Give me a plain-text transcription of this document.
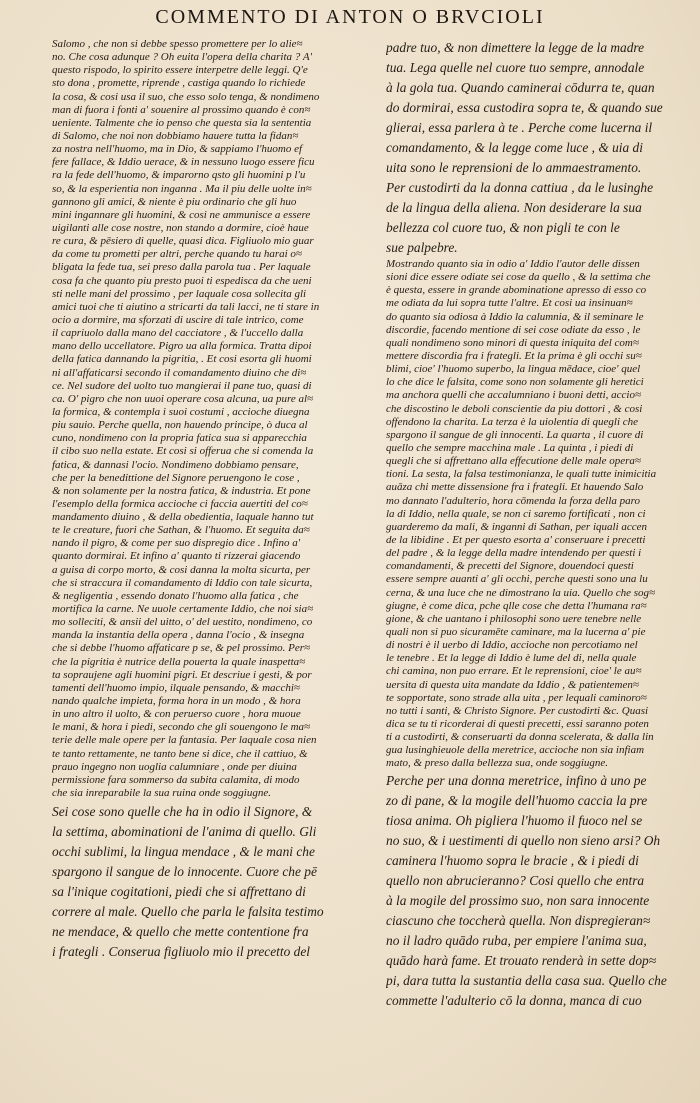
COMMENTO DI ANTON O BRVCIOLI
Salomo , che non si debbe spesso promettere per lo alie≈
no. Che cosa adunque ? Oh euita l'opera della charita ? A'
questo rispodo, lo spirito essere interpetre delle leggi. Q'e
sto dona , promette, riprende , castiga quando lo richiede
la cosa, & cosi usa il suo, che esso solo tenga, & nondimeno
man di fuora i fonti a' souenire al prossimo quando è con≈
ueniente. Talmente che io penso che questa sia la sententia
di Salomo, che noi non dobbiamo hauere tutta la fidan≈
za nostra nell'huomo, ma in Dio, & sappiamo l'huomo ef
fere fallace, & Iddio uerace, & in nessuno luogo essere ficu
ra la fede dell'huomo, & imparorno qsto gli huomini p l'u
so, & la esperientia non inganna . Ma il piu delle uolte in≈
gannono gli amici, & niente è piu ordinario che gli huo
mini ingannare gli huomini, & cosi ne ammunisce a essere
uigilanti alle cose nostre, non stando a dormire, cioè haue
re cura, & pēsiero di quelle, quasi dica. Figliuolo mio guar
da come tu prometti per altri, perche quando tu harai o≈
bligata la fede tua, sei preso dalla parola tua . Per laquale
cosa fa che quanto piu presto puoi ti espedisca da che ueni
sti nelle mani del prossimo , per laquale cosa sollecita gli
amici tuoi che ti aiutino a stricarti da tali lacci, ne ti stare in
ocio a dormire, ma sforzati di uscire di tale intrico, come
il capriuolo dalla mano del cacciatore , & l'uccello dalla
mano dello uccellatore. Pigro ua alla formica. Tratta dipoi
della fatica dannando la pigritia, . Et cosi esorta gli huomi
ni all'affaticarsi secondo il comandamento diuino che di≈
ce. Nel sudore del uolto tuo mangierai il pane tuo, quasi di
ca. O' pigro che non uuoi operare cosa alcuna, ua pure al≈
la formica, & contempla i suoi costumi , accioche diuegna
piu sauio. Perche quella, non hauendo principe, ò duca al
cuno, nondimeno con la propria fatica sua si apparecchia
il cibo suo nella estate. Et cosi si offerua che si comenda la
fatica, & dannasi l'ocio. Nondimeno dobbiamo pensare,
che per la benedittione del Signore peruengono le cose ,
& non solamente per la nostra fatica, & industria. Et pone
l'esemplo della formica accioche ci faccia auertiti del co≈
mandamento diuino , & della obedientia, laquale hanno tut
te le creature, fuori che Sathan, & l'huomo. Et seguita da≈
nando il pigro, & come per suo dispregio dice . Infino a'
quanto dormirai. Et infino a' quanto ti rizzerai giacendo
a guisa di corpo morto, & cosi danna la molta sicurta, per
che si straccura il comandamento di Iddio con tale sicurta,
& negligentia , essendo donato l'huomo alla fatica , che
mortifica la carne. Ne uuole certamente Iddio, che noi sia≈
mo solleciti, & ansii del uitto, o' del uestito, nondimeno, co
manda la instantia della opera , danna l'ocio , & insegna
che si debbe l'huomo affaticare p se, & pel prossimo. Per≈
che la pigritia è nutrice della pouerta la quale inaspetta≈
ta sopraujene agli huomini pigri. Et descriue i gesti, & por
tamenti dell'huomo impio, ilquale pensando, & macchi≈
nando qualche impieta, forma hora in un modo , & hora
in uno altro il uolto, & con peruerso cuore , hora muoue
le mani, & hora i piedi, secondo che gli souengono le ma≈
terie delle male opere per la fantasia. Per laquale cosa nien
te tanto rettamente, ne tanto bene si dice, che il cattiuo, &
prauo ingegno non uoglia calumniare , onde per diuina
permissione fara sommerso da subita calamita, di modo
che sia inreparabile la sua ruina onde soggiugne.
Sei cose sono quelle che ha in odio il Signore, &
la settima, abominationi de l'anima di quello. Gli
occhi sublimi, la lingua mendace , & le mani che
spargono il sangue de lo innocente. Cuore che pē
sa l'inique cogitationi, piedi che si affrettano di
correre al male. Quello che parla le falsita testimo
ne mendace, & quello che mette contentione fra
i frategli . Conserua figliuolo mio il precetto del
padre tuo, & non dimettere la legge de la madre
tua. Lega quelle nel cuore tuo sempre, annodale
à la gola tua. Quando caminerai cōdurra te, quan
do dormirai, essa custodira sopra te, & quando sue
glierai, essa parlera à te . Perche come lucerna il
comandamento, & la legge come luce , & uia di
uita sono le reprensioni de lo ammaestramento.
Per custodirti da la donna cattiua , da le lusinghe
de la lingua della aliena. Non desiderare la sua
bellezza col cuore tuo, & non pigli te con le
sue palpebre.
Mostrando quanto sia in odio a' Iddio l'autor delle dissen
sioni dice essere odiate sei cose da quello , & la settima che
è questa, essere in grande abominatione apresso di esso co
me odiata da lui sopra tutte l'altre. Et cosi ua insinuan≈
do quanto sia odiosa à Iddio la calumnia, & il seminare le
discordie, facendo mentione di sei cose odiate da esso , le
quali nondimeno sono minori di questa iniquita del com≈
mettere discordia fra i frategli. Et la prima è gli occhi su≈
blimi, cioe' l'huomo superbo, la lingua mēdace, cioe' quel
lo che dice le falsita, come sono non solamente gli heretici
ma anchora quelli che accalumniano i buoni detti, accio≈
che discostino le deboli conscientie da piu dottori , & cosi
offendono la charita. La terza è la uiolentia di quegli che
spargono il sangue de gli innocenti. La quarta , il cuore di
quello che sempre macchina male . La quinta , i piedi di
quegli che si affrettano alla effecutione delle male opera≈
tioni. La sesta, la falsa testimonianza, le quali tutte inimicitia
auāza chi mette dissensione fra i frategli. Et hauendo Salo
mo dannato l'adulterio, hora cōmenda la forza della paro
la di Iddio, nella quale, se non ci saremo fortificati , non ci
guarderemo da mali, & inganni di Sathan, per iquali accen
de la libidine . Et per questo esorta a' conseruare i precetti
del padre , & la legge della madre intendendo per questi i
comandamenti, & precetti del Signore, douendoci questi
essere sempre auanti a' gli occhi, perche questi sono una lu
cerna, & una luce che ne dimostrano la uia. Quello che sog≈
giugne, è come dica, pche qlle cose che detta l'humana ra≈
gione, & che uantano i philosophi sono uere tenebre nelle
quali non si puo sicuramēte caminare, ma la lucerna a' pie
di nostri è il uerbo di Iddio, accioche non percotiamo nel
le tenebre . Et la legge di Iddio è lume del di, nella quale
chi camina, non puo errare. Et le reprensioni, cioe' le au≈
uersita di questa uita mandate da Iddio , & patientemen≈
te sopportate, sono strade alla uita , per lequali caminoro≈
no tutti i santi, & Christo Signore. Per custodirti &c. Quasi
dica se tu ti ricorderai di questi precetti, essi saranno poten
ti a custodirti, & conseruarti da donna scelerata, & dalla lin
gua lusinghieuole della meretrice, accioche non sia infiam
mato, & preso dalla bellezza sua, onde soggiugne.
Perche per una donna meretrice, infino à uno pe
zo di pane, & la mogile dell'huomo caccia la pre
tiosa anima. Oh pigliera l'huomo il fuoco nel se
no suo, & i uestimenti di quello non sieno arsi? Oh
caminera l'huomo sopra le bracie , & i piedi di
quello non abrucieranno? Cosi quello che entra
à la mogile del prossimo suo, non sara innocente
ciascuno che toccherà quella. Non dispregieran≈
no il ladro quādo ruba, per empiere l'anima sua,
quādo harà fame. Et trouato renderà in sette dop≈
pi, dara tutta la sustantia della casa sua. Quello che
commette l'adulterio cō la donna, manca di cuo
